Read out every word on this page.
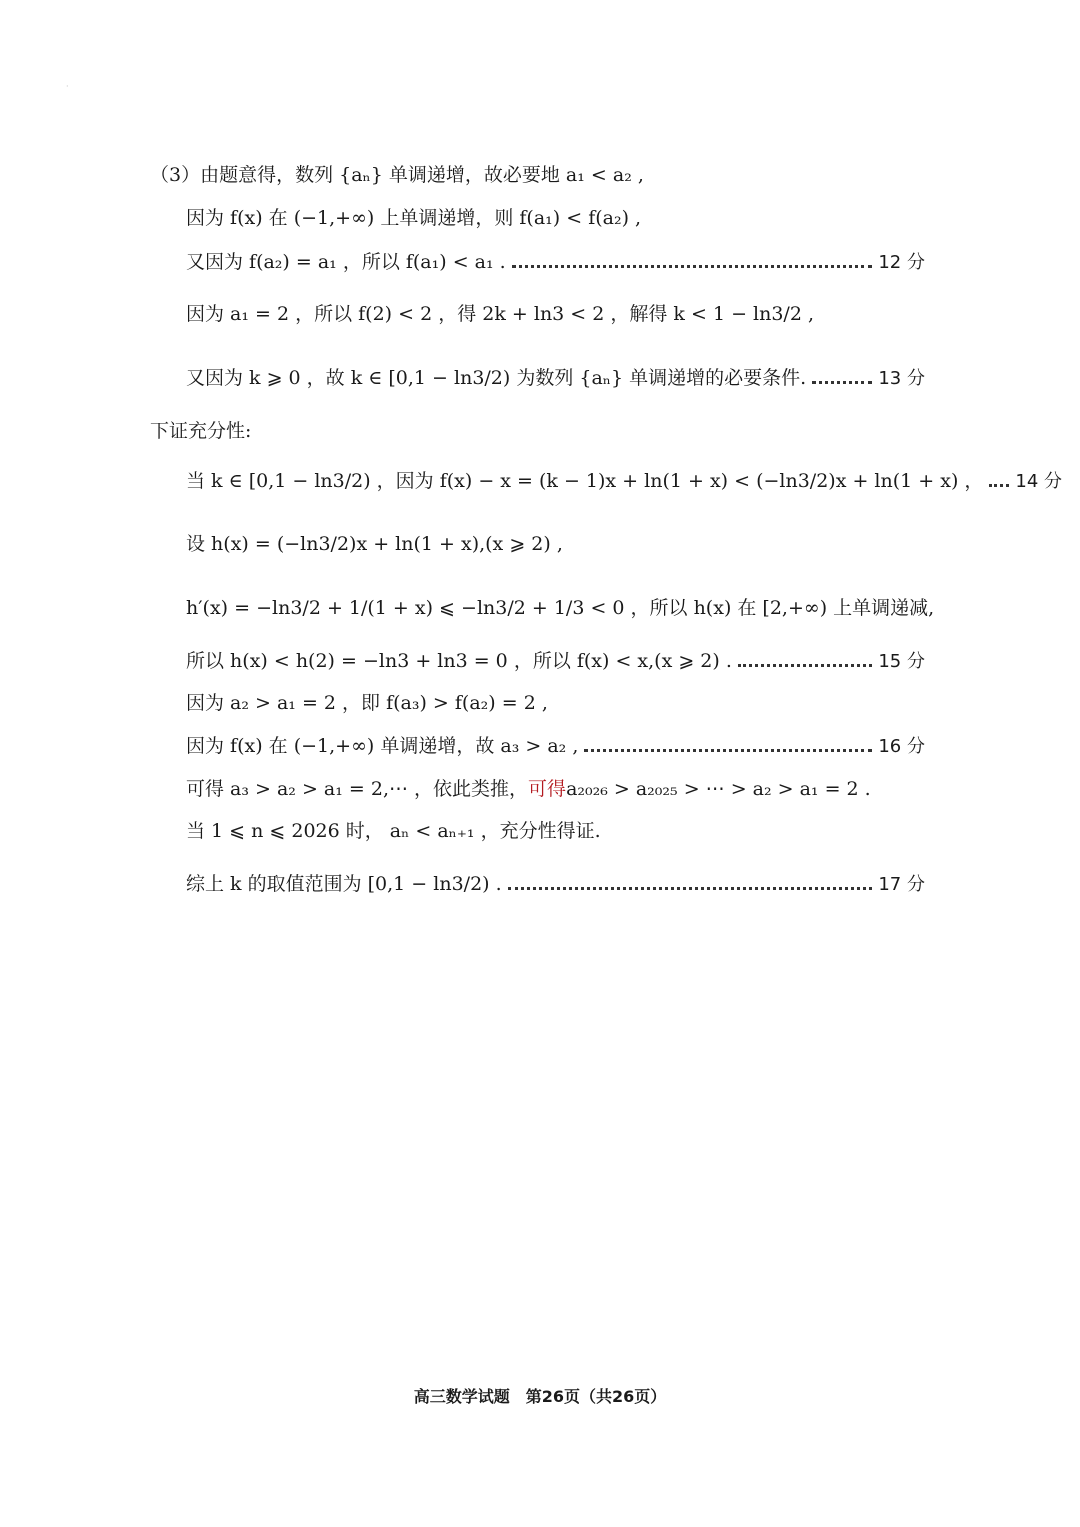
·
（3）由题意得，数列 {aₙ} 单调递增，故必要地 a₁ < a₂ ,
因为 f(x) 在 (−1,+∞) 上单调递增，则 f(a₁) < f(a₂) ,
又因为 f(a₂) = a₁ ，所以 f(a₁) < a₁ .	12 分
因为 a₁ = 2 ，所以 f(2) < 2 ，得 2k + ln3 < 2 ，解得 k < 1 − ln3/2 ,
又因为 k ⩾ 0 ，故 k ∈ [0,1 − ln3/2) 为数列 {aₙ} 单调递增的必要条件.	13 分
下证充分性:
当 k ∈ [0,1 − ln3/2) ，因为 f(x) − x = (k − 1)x + ln(1 + x) < (−ln3/2)x + ln(1 + x) ， 14 分
设 h(x) = (−ln3/2)x + ln(1 + x),(x ⩾ 2) ,
h′(x) = −ln3/2 + 1/(1 + x) ⩽ −ln3/2 + 1/3 < 0 ，所以 h(x) 在 [2,+∞) 上单调递减,
所以 h(x) < h(2) = −ln3 + ln3 = 0 ，所以 f(x) < x,(x ⩾ 2) .	15 分
因为 a₂ > a₁ = 2 ，即 f(a₃) > f(a₂) = 2 ,
因为 f(x) 在 (−1,+∞) 单调递增，故 a₃ > a₂ ,	16 分
可得 a₃ > a₂ > a₁ = 2,⋯ ，依此类推， 可得 a₂₀₂₆ > a₂₀₂₅ > ⋯ > a₂ > a₁ = 2 .
当 1 ⩽ n ⩽ 2026 时， aₙ < aₙ₊₁ ，充分性得证.
综上 k 的取值范围为 [0,1 − ln3/2) .	17 分
高三数学试题　第26页（共26页）
